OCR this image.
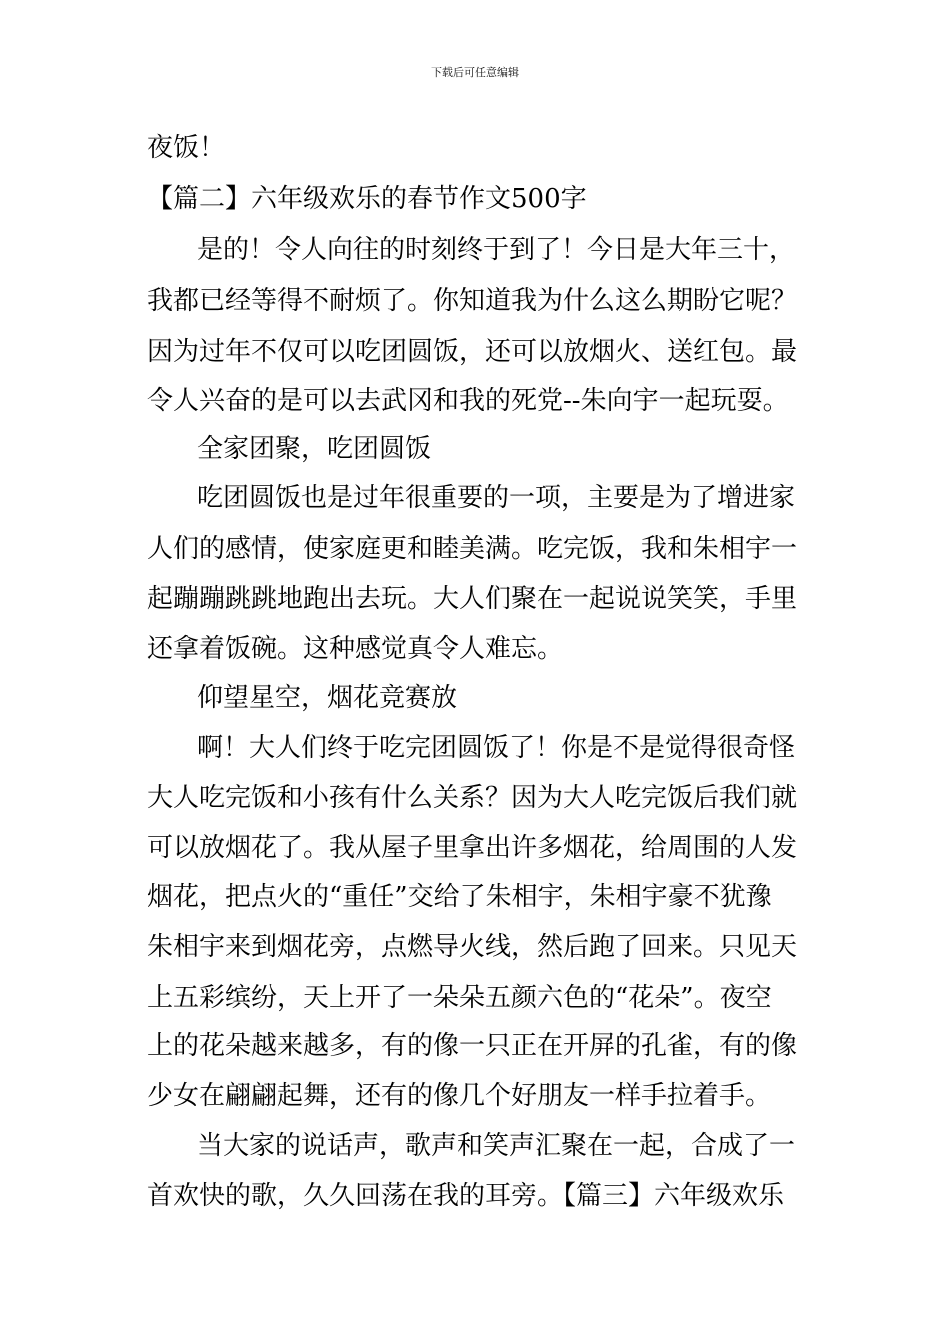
下载后可任意编辑
夜饭！
【篇二】六年级欢乐的春节作文500字
是的！令人向往的时刻终于到了！今日是大年三十，
我都已经等得不耐烦了。你知道我为什么这么期盼它呢？
因为过年不仅可以吃团圆饭，还可以放烟火、送红包。最
令人兴奋的是可以去武冈和我的死党--朱向宇一起玩耍。
全家团聚，吃团圆饭
吃团圆饭也是过年很重要的一项，主要是为了增进家
人们的感情，使家庭更和睦美满。吃完饭，我和朱相宇一
起蹦蹦跳跳地跑出去玩。大人们聚在一起说说笑笑，手里
还拿着饭碗。这种感觉真令人难忘。
仰望星空，烟花竞赛放
啊！大人们终于吃完团圆饭了！你是不是觉得很奇怪
大人吃完饭和小孩有什么关系？因为大人吃完饭后我们就
可以放烟花了。我从屋子里拿出许多烟花，给周围的人发
烟花，把点火的“重任”交给了朱相宇，朱相宇豪不犹豫
朱相宇来到烟花旁，点燃导火线，然后跑了回来。只见天
上五彩缤纷，天上开了一朵朵五颜六色的“花朵”。夜空
上的花朵越来越多，有的像一只正在开屏的孔雀，有的像
少女在翩翩起舞，还有的像几个好朋友一样手拉着手。
当大家的说话声，歌声和笑声汇聚在一起，合成了一
首欢快的歌，久久回荡在我的耳旁。【篇三】六年级欢乐
